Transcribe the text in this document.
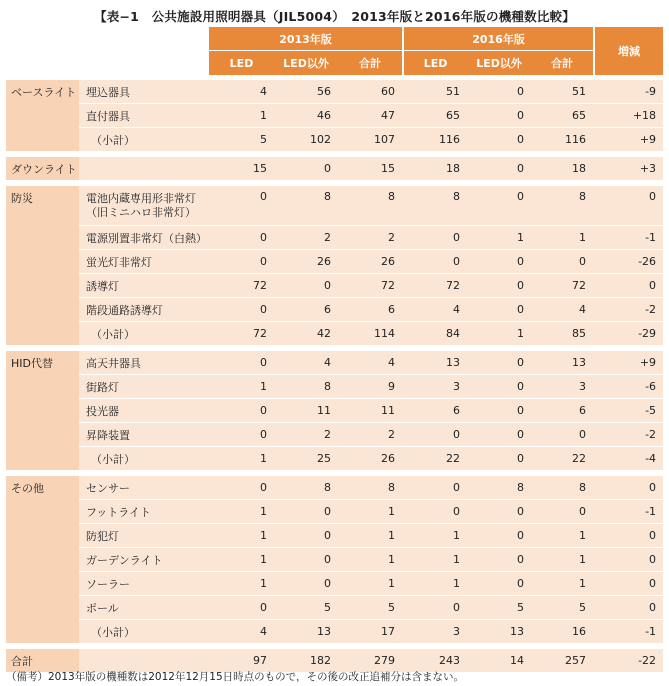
【表−1　公共施設用照明器具（JIL5004）　2013年版と2016年版の機種数比較】
		2013年版			2016年版			増減
		LED	LED以外	合計	LED	LED以外	合計	

ベースライト	埋込器具	4	56	60	51	0	51	-9
	直付器具	1	46	47	65	0	65	+18
	（小計）	5	102	107	116	0	116	+9

ダウンライト		15	0	15	18	0	18	+3

防災	電池内蔵専用形非常灯
（旧ミニハロ非常灯）	0	8	8	8	0	8	0
	電源別置非常灯（白熱）	0	2	2	0	1	1	-1
	蛍光灯非常灯	0	26	26	0	0	0	-26
	誘導灯	72	0	72	72	0	72	0
	階段通路誘導灯	0	6	6	4	0	4	-2
	（小計）	72	42	114	84	1	85	-29

HID代替	高天井器具	0	4	4	13	0	13	+9
	街路灯	1	8	9	3	0	3	-6
	投光器	0	11	11	6	0	6	-5
	昇降装置	0	2	2	0	0	0	-2
	（小計）	1	25	26	22	0	22	-4

その他	センサー	0	8	8	0	8	8	0
	フットライト	1	0	1	0	0	0	-1
	防犯灯	1	0	1	1	0	1	0
	ガーデンライト	1	0	1	1	0	1	0
	ソーラー	1	0	1	1	0	1	0
	ポール	0	5	5	0	5	5	0
	（小計）	4	13	17	3	13	16	-1

合計		97	182	279	243	14	257	-22
（備考）2013年版の機種数は2012年12月15日時点のもので，その後の改正追補分は含まない。
